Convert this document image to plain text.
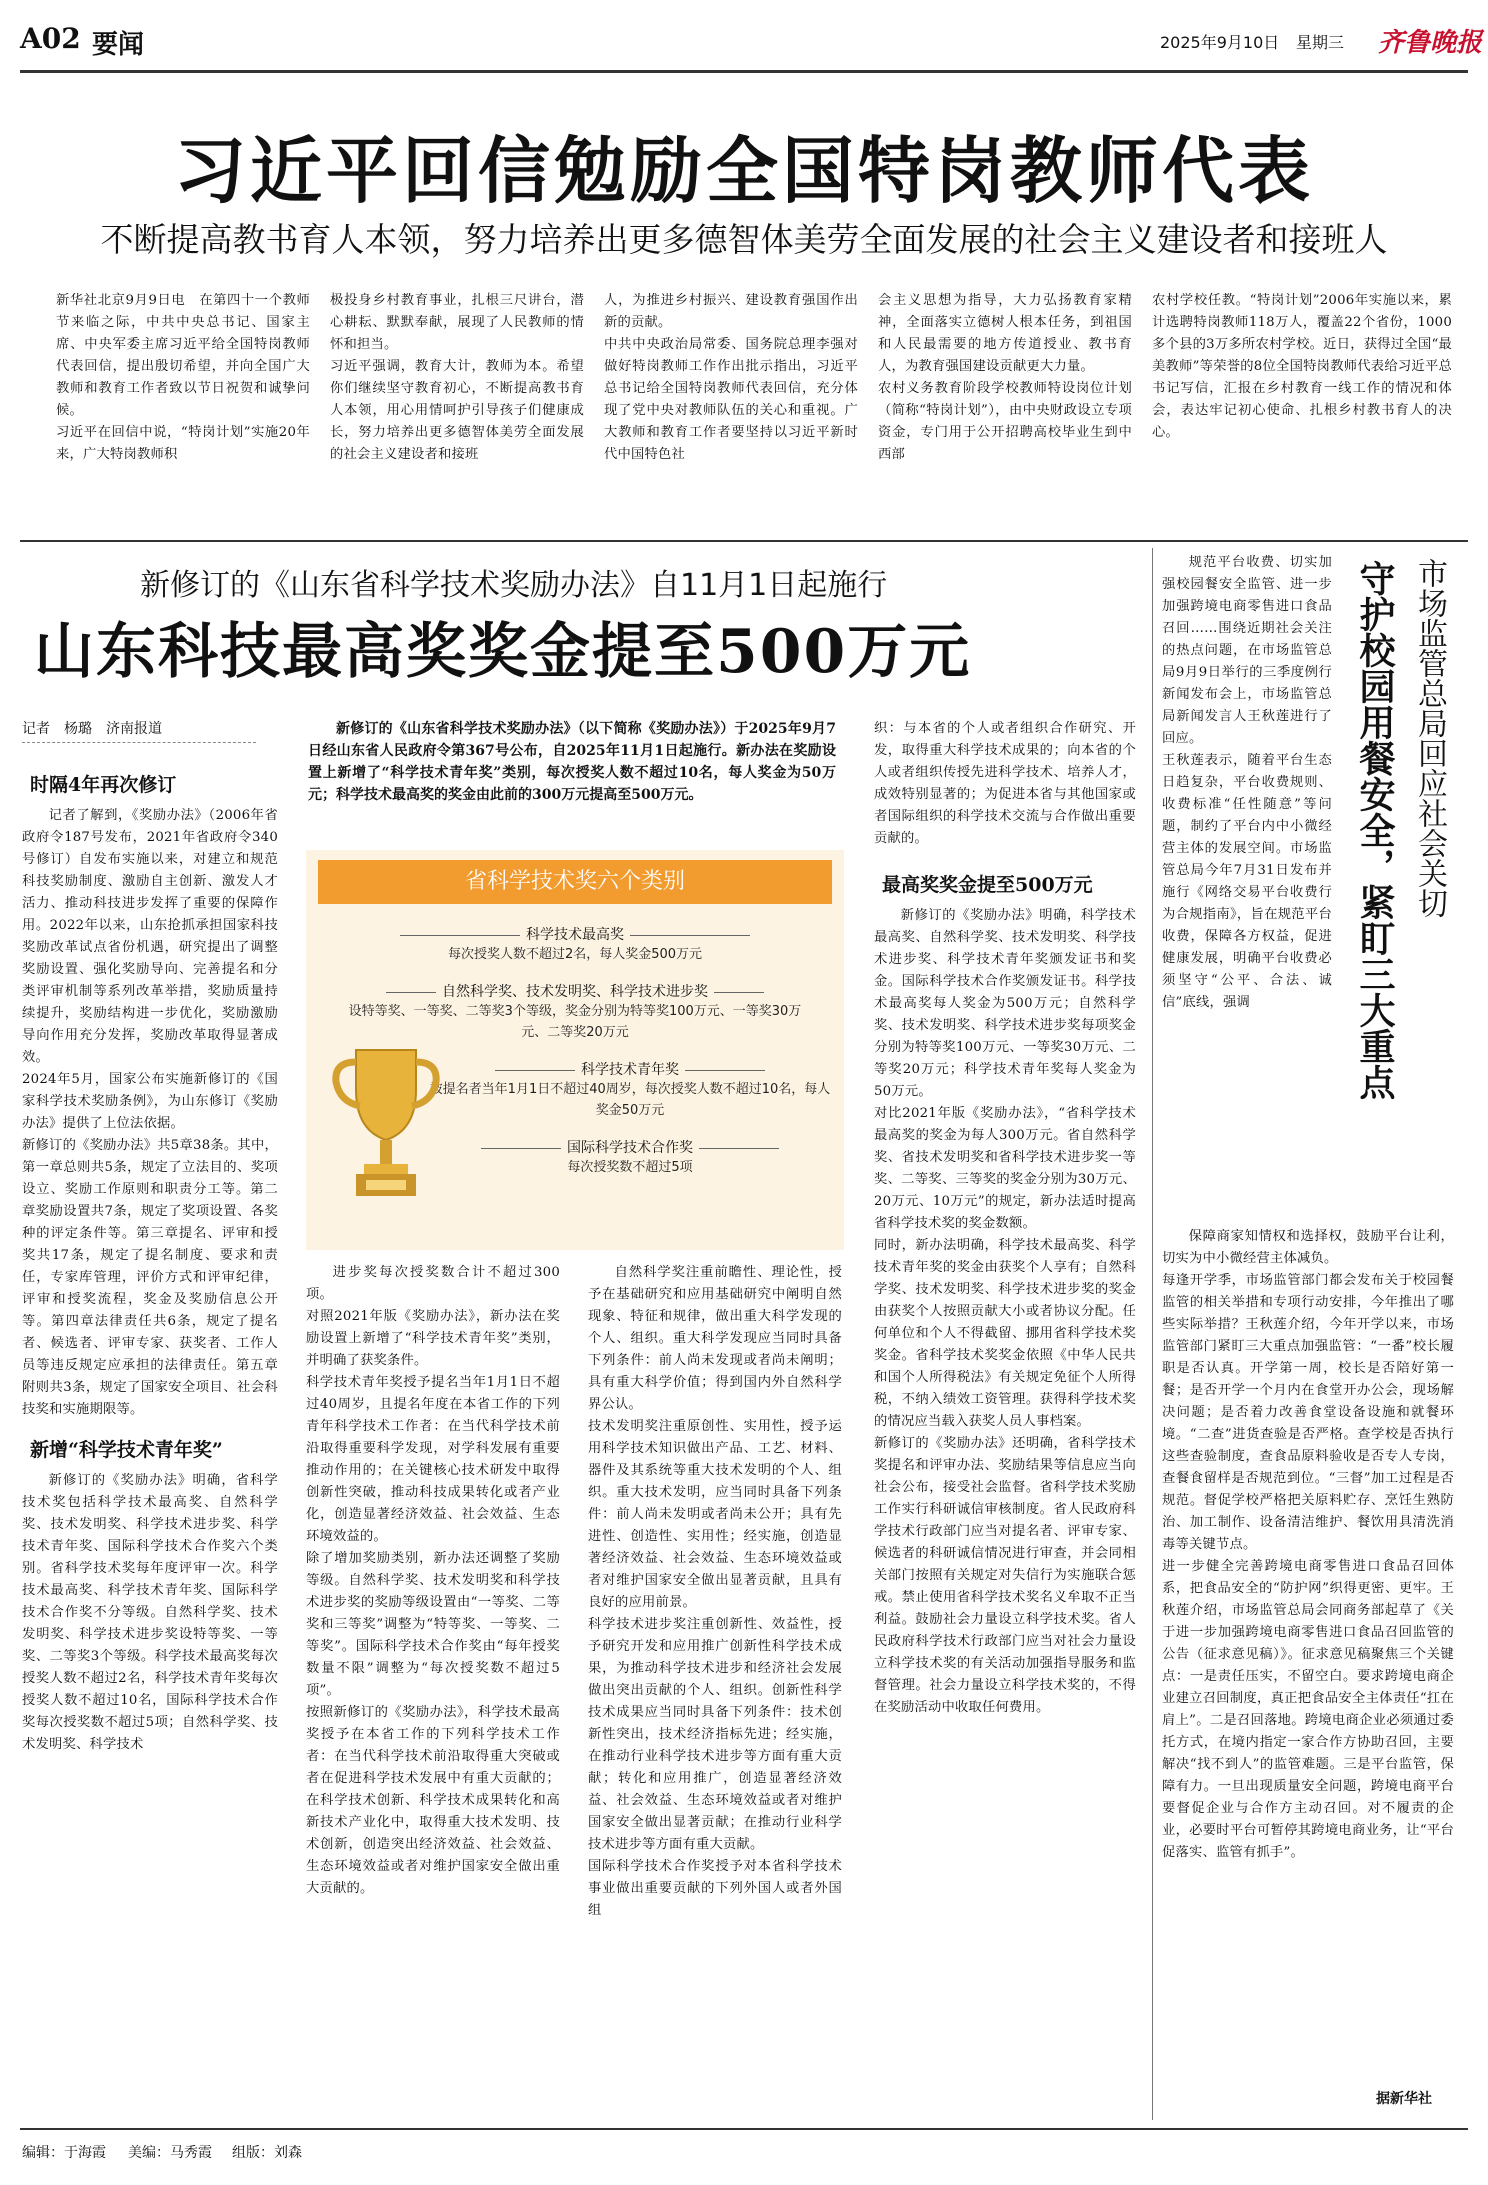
A02 要闻	2025年9月10日 星期三 齐鲁晚报
习近平回信勉励全国特岗教师代表
不断提高教书育人本领，努力培养出更多德智体美劳全面发展的社会主义建设者和接班人
新华社北京9月9日电　在第四十一个教师节来临之际，中共中央总书记、国家主席、中央军委主席习近平给全国特岗教师代表回信，提出殷切希望，并向全国广大教师和教育工作者致以节日祝贺和诚挚问候。
习近平在回信中说，“特岗计划”实施20年来，广大特岗教师积
极投身乡村教育事业，扎根三尺讲台，潜心耕耘、默默奉献，展现了人民教师的情怀和担当。
习近平强调，教育大计，教师为本。希望你们继续坚守教育初心，不断提高教书育人本领，用心用情呵护引导孩子们健康成长，努力培养出更多德智体美劳全面发展的社会主义建设者和接班
人，为推进乡村振兴、建设教育强国作出新的贡献。
中共中央政治局常委、国务院总理李强对做好特岗教师工作作出批示指出，习近平总书记给全国特岗教师代表回信，充分体现了党中央对教师队伍的关心和重视。广大教师和教育工作者要坚持以习近平新时代中国特色社
会主义思想为指导，大力弘扬教育家精神，全面落实立德树人根本任务，到祖国和人民最需要的地方传道授业、教书育人，为教育强国建设贡献更大力量。
农村义务教育阶段学校教师特设岗位计划（简称“特岗计划”），由中央财政设立专项资金，专门用于公开招聘高校毕业生到中西部
农村学校任教。“特岗计划”2006年实施以来，累计选聘特岗教师118万人，覆盖22个省份，1000多个县的3万多所农村学校。近日，获得过全国“最美教师”等荣誉的8位全国特岗教师代表给习近平总书记写信，汇报在乡村教育一线工作的情况和体会，表达牢记初心使命、扎根乡村教书育人的决心。
新修订的《山东省科学技术奖励办法》自11月1日起施行
山东科技最高奖奖金提至500万元
记者　杨璐　济南报道
时隔4年再次修订
记者了解到，《奖励办法》（2006年省政府令187号发布，2021年省政府令340号修订）自发布实施以来，对建立和规范科技奖励制度、激励自主创新、激发人才活力、推动科技进步发挥了重要的保障作用。2022年以来，山东抢抓承担国家科技奖励改革试点省份机遇，研究提出了调整奖励设置、强化奖励导向、完善提名和分类评审机制等系列改革举措，奖励质量持续提升，奖励结构进一步优化，奖励激励导向作用充分发挥，奖励改革取得显著成效。
2024年5月，国家公布实施新修订的《国家科学技术奖励条例》，为山东修订《奖励办法》提供了上位法依据。
新修订的《奖励办法》共5章38条。其中，第一章总则共5条，规定了立法目的、奖项设立、奖励工作原则和职责分工等。第二章奖励设置共7条，规定了奖项设置、各奖种的评定条件等。第三章提名、评审和授奖共17条，规定了提名制度、要求和责任，专家库管理，评价方式和评审纪律，评审和授奖流程，奖金及奖励信息公开等。第四章法律责任共6条，规定了提名者、候选者、评审专家、获奖者、工作人员等违反规定应承担的法律责任。第五章附则共3条，规定了国家安全项目、社会科技奖和实施期限等。
新增“科学技术青年奖”
新修订的《奖励办法》明确，省科学技术奖包括科学技术最高奖、自然科学奖、技术发明奖、科学技术进步奖、科学技术青年奖、国际科学技术合作奖六个类别。省科学技术奖每年度评审一次。科学技术最高奖、科学技术青年奖、国际科学技术合作奖不分等级。自然科学奖、技术发明奖、科学技术进步奖设特等奖、一等奖、二等奖3个等级。科学技术最高奖每次授奖人数不超过2名，科学技术青年奖每次授奖人数不超过10名，国际科学技术合作奖每次授奖数不超过5项；自然科学奖、技术发明奖、科学技术
新修订的《山东省科学技术奖励办法》（以下简称《奖励办法》）于2025年9月7日经山东省人民政府令第367号公布，自2025年11月1日起施行。新办法在奖励设置上新增了“科学技术青年奖”类别，每次授奖人数不超过10名，每人奖金为50万元；科学技术最高奖的奖金由此前的300万元提高至500万元。
省科学技术奖六个类别
科学技术最高奖
每次授奖人数不超过2名，每人奖金500万元
自然科学奖、技术发明奖、科学技术进步奖
设特等奖、一等奖、二等奖3个等级，奖金分别为特等奖100万元、一等奖30万元、二等奖20万元
科学技术青年奖
被提名者当年1月1日不超过40周岁，每次授奖人数不超过10名，每人奖金50万元
国际科学技术合作奖
每次授奖数不超过5项
进步奖每次授奖数合计不超过300项。
对照2021年版《奖励办法》，新办法在奖励设置上新增了“科学技术青年奖”类别，并明确了获奖条件。
科学技术青年奖授予提名当年1月1日不超过40周岁，且提名年度在本省工作的下列青年科学技术工作者：在当代科学技术前沿取得重要科学发现，对学科发展有重要推动作用的；在关键核心技术研发中取得创新性突破，推动科技成果转化或者产业化，创造显著经济效益、社会效益、生态环境效益的。
除了增加奖励类别，新办法还调整了奖励等级。自然科学奖、技术发明奖和科学技术进步奖的奖励等级设置由“一等奖、二等奖和三等奖”调整为“特等奖、一等奖、二等奖”。国际科学技术合作奖由“每年授奖数量不限”调整为“每次授奖数不超过5项”。
按照新修订的《奖励办法》，科学技术最高奖授予在本省工作的下列科学技术工作者：在当代科学技术前沿取得重大突破或者在促进科学技术发展中有重大贡献的；在科学技术创新、科学技术成果转化和高新技术产业化中，取得重大技术发明、技术创新，创造突出经济效益、社会效益、生态环境效益或者对维护国家安全做出重大贡献的。
自然科学奖注重前瞻性、理论性，授予在基础研究和应用基础研究中阐明自然现象、特征和规律，做出重大科学发现的个人、组织。重大科学发现应当同时具备下列条件：前人尚未发现或者尚未阐明；具有重大科学价值；得到国内外自然科学界公认。
技术发明奖注重原创性、实用性，授予运用科学技术知识做出产品、工艺、材料、器件及其系统等重大技术发明的个人、组织。重大技术发明，应当同时具备下列条件：前人尚未发明或者尚未公开；具有先进性、创造性、实用性；经实施，创造显著经济效益、社会效益、生态环境效益或者对维护国家安全做出显著贡献，且具有良好的应用前景。
科学技术进步奖注重创新性、效益性，授予研究开发和应用推广创新性科学技术成果，为推动科学技术进步和经济社会发展做出突出贡献的个人、组织。创新性科学技术成果应当同时具备下列条件：技术创新性突出，技术经济指标先进；经实施，在推动行业科学技术进步等方面有重大贡献；转化和应用推广，创造显著经济效益、社会效益、生态环境效益或者对维护国家安全做出显著贡献；在推动行业科学技术进步等方面有重大贡献。
国际科学技术合作奖授予对本省科学技术事业做出重要贡献的下列外国人或者外国组
织：与本省的个人或者组织合作研究、开发，取得重大科学技术成果的；向本省的个人或者组织传授先进科学技术、培养人才，成效特别显著的；为促进本省与其他国家或者国际组织的科学技术交流与合作做出重要贡献的。
最高奖奖金提至500万元
新修订的《奖励办法》明确，科学技术最高奖、自然科学奖、技术发明奖、科学技术进步奖、科学技术青年奖颁发证书和奖金。国际科学技术合作奖颁发证书。科学技术最高奖每人奖金为500万元；自然科学奖、技术发明奖、科学技术进步奖每项奖金分别为特等奖100万元、一等奖30万元、二等奖20万元；科学技术青年奖每人奖金为50万元。
对比2021年版《奖励办法》，“省科学技术最高奖的奖金为每人300万元。省自然科学奖、省技术发明奖和省科学技术进步奖一等奖、二等奖、三等奖的奖金分别为30万元、20万元、10万元”的规定，新办法适时提高省科学技术奖的奖金数额。
同时，新办法明确，科学技术最高奖、科学技术青年奖的奖金由获奖个人享有；自然科学奖、技术发明奖、科学技术进步奖的奖金由获奖个人按照贡献大小或者协议分配。任何单位和个人不得截留、挪用省科学技术奖奖金。省科学技术奖奖金依照《中华人民共和国个人所得税法》有关规定免征个人所得税，不纳入绩效工资管理。获得科学技术奖的情况应当载入获奖人员人事档案。
新修订的《奖励办法》还明确，省科学技术奖提名和评审办法、奖励结果等信息应当向社会公布，接受社会监督。省科学技术奖励工作实行科研诚信审核制度。省人民政府科学技术行政部门应当对提名者、评审专家、候选者的科研诚信情况进行审查，并会同相关部门按照有关规定对失信行为实施联合惩戒。禁止使用省科学技术奖名义牟取不正当利益。鼓励社会力量设立科学技术奖。省人民政府科学技术行政部门应当对社会力量设立科学技术奖的有关活动加强指导服务和监督管理。社会力量设立科学技术奖的，不得在奖励活动中收取任何费用。
规范平台收费、切实加强校园餐安全监管、进一步加强跨境电商零售进口食品召回……围绕近期社会关注的热点问题，在市场监管总局9月9日举行的三季度例行新闻发布会上，市场监管总局新闻发言人王秋莲进行了回应。
王秋莲表示，随着平台生态日趋复杂，平台收费规则、收费标准“任性随意”等问题，制约了平台内中小微经营主体的发展空间。市场监管总局今年7月31日发布并施行《网络交易平台收费行为合规指南》，旨在规范平台收费，保障各方权益，促进健康发展，明确平台收费必须坚守“公平、合法、诚信”底线，强调	守护校园用餐安全，紧盯三大重点 市场监管总局回应社会关切
保障商家知情权和选择权，鼓励平台让利，切实为中小微经营主体减负。
每逢开学季，市场监管部门都会发布关于校园餐监管的相关举措和专项行动安排，今年推出了哪些实际举措？王秋莲介绍，今年开学以来，市场监管部门紧盯三大重点加强监管：“一番”校长履职是否认真。开学第一周，校长是否陪好第一餐；是否开学一个月内在食堂开办公会，现场解决问题；是否着力改善食堂设备设施和就餐环境。“二查”进货查验是否严格。查学校是否执行这些查验制度，查食品原料验收是否专人专岗，查餐食留样是否规范到位。“三督”加工过程是否规范。督促学校严格把关原料贮存、烹饪生熟防治、加工制作、设备清洁维护、餐饮用具清洗消毒等关键节点。
进一步健全完善跨境电商零售进口食品召回体系，把食品安全的“防护网”织得更密、更牢。王秋莲介绍，市场监管总局会同商务部起草了《关于进一步加强跨境电商零售进口食品召回监管的公告（征求意见稿）》。征求意见稿聚焦三个关键点：一是责任压实，不留空白。要求跨境电商企业建立召回制度，真正把食品安全主体责任“扛在肩上”。二是召回落地。跨境电商企业必须通过委托方式，在境内指定一家合作方协助召回，主要解决“找不到人”的监管难题。三是平台监管，保障有力。一旦出现质量安全问题，跨境电商平台要督促企业与合作方主动召回。对不履责的企业，必要时平台可暂停其跨境电商业务，让“平台促落实、监管有抓手”。
据新华社
编辑：于海霞 美编：马秀霞 组版：刘森
